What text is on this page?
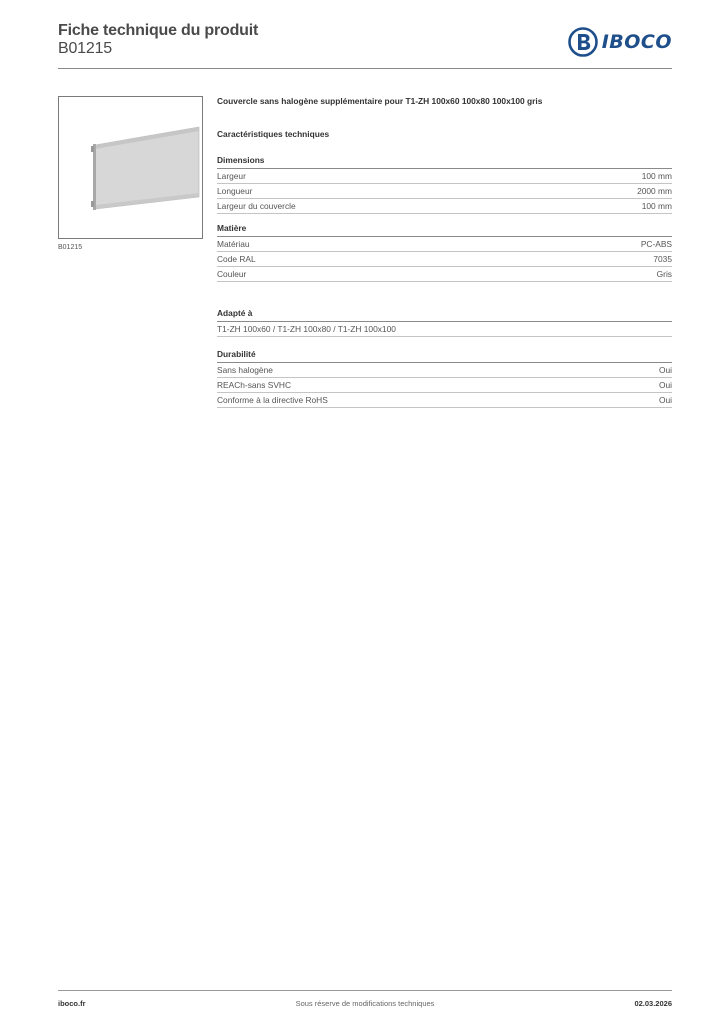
Fiche technique du produit
B01215	IBOCO
B01215
Couvercle sans halogène supplémentaire pour T1-ZH 100x60 100x80 100x100 gris
Caractéristiques techniques
Dimensions
Largeur	100 mm
Longueur	2000 mm
Largeur du couvercle	100 mm
Matière
Matériau	PC-ABS
Code RAL	7035
Couleur	Gris
Adapté à
T1-ZH 100x60 / T1-ZH 100x80 / T1-ZH 100x100
Durabilité
Sans halogène	Oui
REACh-sans SVHC	Oui
Conforme à la directive RoHS	Oui
iboco.fr	Sous réserve de modifications techniques	02.03.2026
